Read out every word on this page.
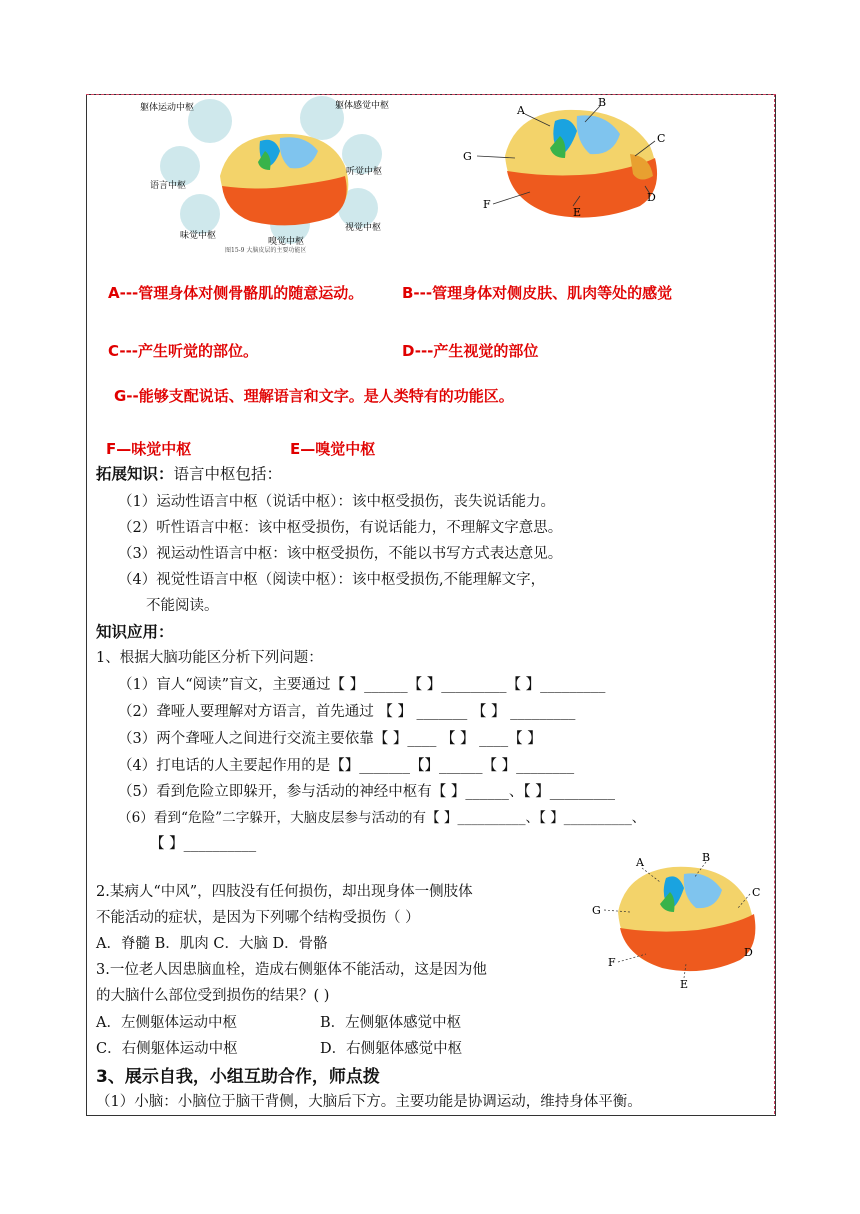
躯体运动中枢	躯体感觉中枢
语言中枢
听觉中枢
味觉中枢
嗅觉中枢
视觉中枢
图15-9 大脑皮层的主要功能区
A
B
C
D
E
F
G
A---管理身体对侧骨骼肌的随意运动。	B---管理身体对侧皮肤、肌肉等处的感觉
C---产生听觉的部位。	D---产生视觉的部位
G--能够支配说话、理解语言和文字。是人类特有的功能区。
F—味觉中枢	E—嗅觉中枢
拓展知识：语言中枢包括：
（1）运动性语言中枢（说话中枢）：该中枢受损伤，丧失说话能力。
（2）听性语言中枢：该中枢受损伤，有说话能力，不理解文字意思。
（3）视运动性语言中枢：该中枢受损伤，不能以书写方式表达意见。
（4）视觉性语言中枢（阅读中枢）：该中枢受损伤,不能理解文字，
不能阅读。
知识应用：
1、根据大脑功能区分析下列问题：
（1）盲人“阅读”盲文，主要通过【 】______【 】_________【 】_________
（2）聋哑人要理解对方语言，首先通过 【 】 _______ 【 】 _________
（3）两个聋哑人之间进行交流主要依靠【 】____ 【 】 ____【 】
（4）打电话的人主要起作用的是【】_______【】______【 】________
（5）看到危险立即躲开，参与活动的神经中枢有【 】______、【 】_________
（6）看到“危险”二字躲开，大脑皮层参与活动的有【 】__________、【 】__________、
【 】__________
2.某病人“中风”，四肢没有任何损伤，却出现身体一侧肢体
不能活动的症状，是因为下列哪个结构受损伤（ ）
A．脊髓 B．肌肉 C．大脑 D．骨骼
3.一位老人因患脑血栓，造成右侧躯体不能活动，这是因为他
的大脑什么部位受到损伤的结果？( )
A．左侧躯体运动中枢	B．左侧躯体感觉中枢
C．右侧躯体运动中枢	D．右侧躯体感觉中枢
A	B
C
D
E
F
G
3、展示自我，小组互助合作，师点拨
（1）小脑：小脑位于脑干背侧，大脑后下方。主要功能是协调运动，维持身体平衡。
